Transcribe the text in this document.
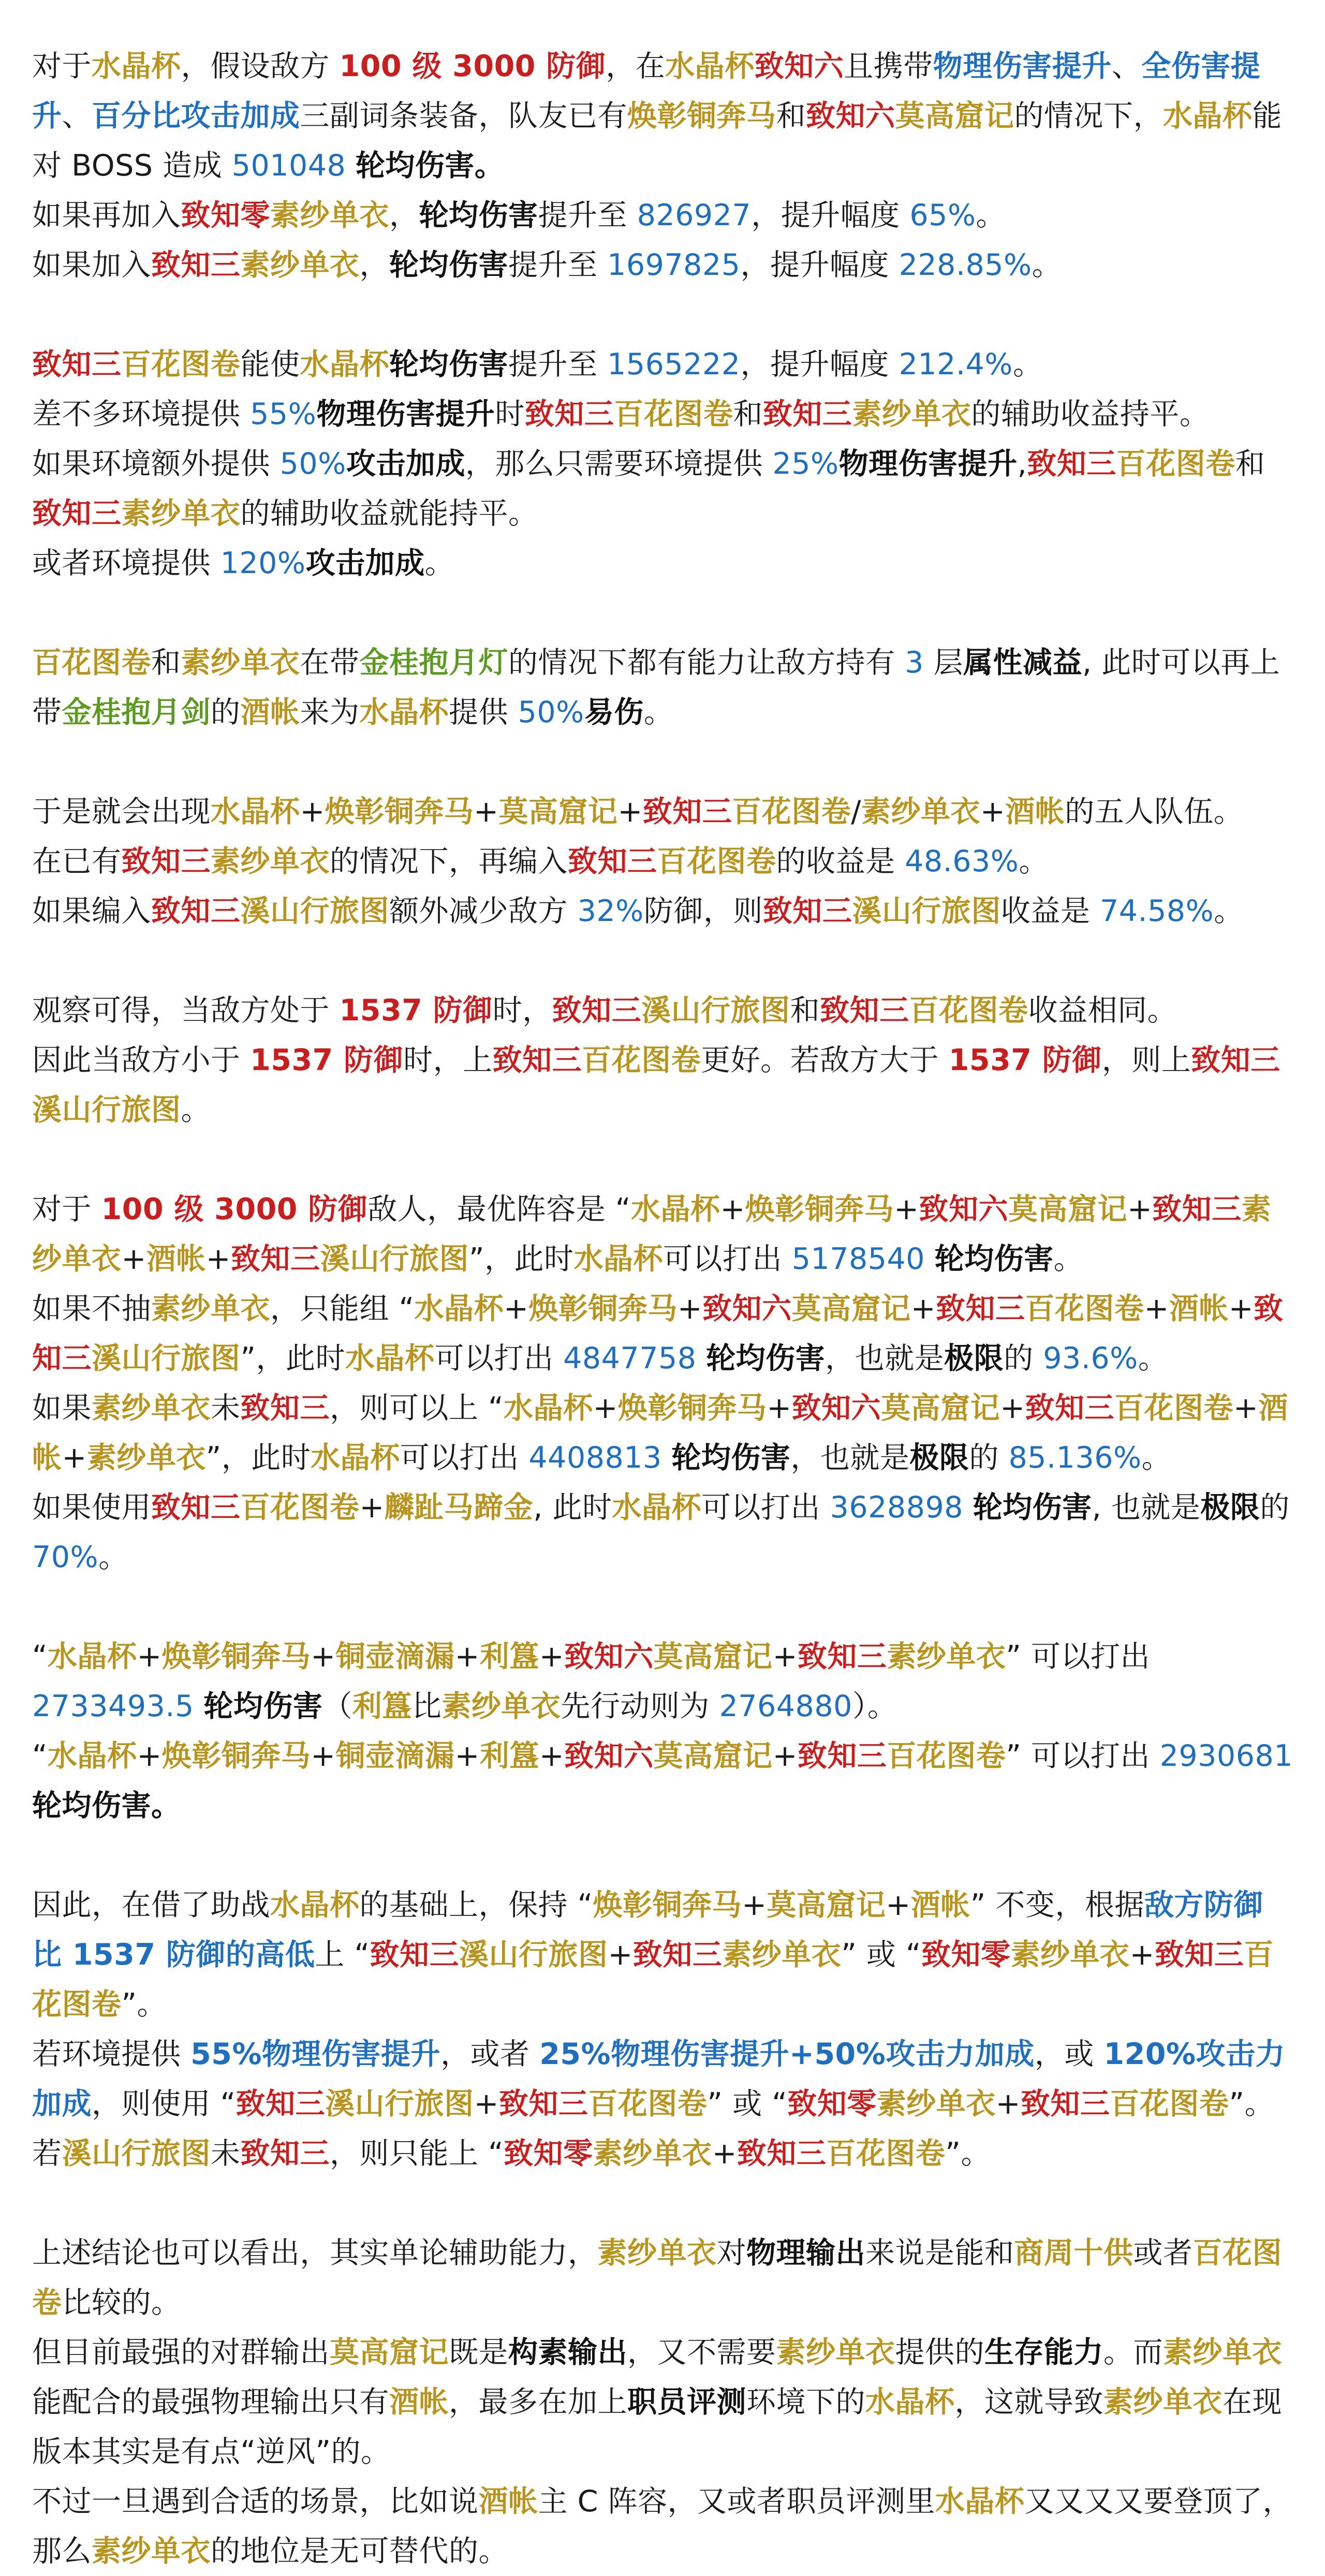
对于水晶杯，假设敌方 100 级 3000 防御，在水晶杯致知六且携带物理伤害提升、全伤害提升、百分比攻击加成三副词条装备，队友已有焕彰铜奔马和致知六莫高窟记的情况下，水晶杯能对 BOSS 造成 501048 轮均伤害。

如果再加入致知零素纱单衣，轮均伤害提升至 826927，提升幅度 65%。

如果加入致知三素纱单衣，轮均伤害提升至 1697825，提升幅度 228.85%。

致知三百花图卷能使水晶杯轮均伤害提升至 1565222，提升幅度 212.4%。

差不多环境提供 55%物理伤害提升时致知三百花图卷和致知三素纱单衣的辅助收益持平。

如果环境额外提供 50%攻击加成，那么只需要环境提供 25%物理伤害提升,致知三百花图卷和致知三素纱单衣的辅助收益就能持平。

或者环境提供 120%攻击加成。

百花图卷和素纱单衣在带金桂抱月灯的情况下都有能力让敌方持有 3 层属性减益, 此时可以再上带金桂抱月剑的酒帐来为水晶杯提供 50%易伤。

于是就会出现水晶杯+焕彰铜奔马+莫高窟记+致知三百花图卷/素纱单衣+酒帐的五人队伍。

在已有致知三素纱单衣的情况下，再编入致知三百花图卷的收益是 48.63%。

如果编入致知三溪山行旅图额外减少敌方 32%防御，则致知三溪山行旅图收益是 74.58%。

观察可得，当敌方处于 1537 防御时，致知三溪山行旅图和致知三百花图卷收益相同。

因此当敌方小于 1537 防御时，上致知三百花图卷更好。若敌方大于 1537 防御，则上致知三溪山行旅图。

对于 100 级 3000 防御敌人，最优阵容是 “水晶杯+焕彰铜奔马+致知六莫高窟记+致知三素纱单衣+酒帐+致知三溪山行旅图”，此时水晶杯可以打出 5178540 轮均伤害。

如果不抽素纱单衣，只能组 “水晶杯+焕彰铜奔马+致知六莫高窟记+致知三百花图卷+酒帐+致知三溪山行旅图”，此时水晶杯可以打出 4847758 轮均伤害，也就是极限的 93.6%。

如果素纱单衣未致知三，则可以上 “水晶杯+焕彰铜奔马+致知六莫高窟记+致知三百花图卷+酒帐+素纱单衣”，此时水晶杯可以打出 4408813 轮均伤害，也就是极限的 85.136%。

如果使用致知三百花图卷+麟趾马蹄金, 此时水晶杯可以打出 3628898 轮均伤害, 也就是极限的 70%。

“水晶杯+焕彰铜奔马+铜壶滴漏+利簋+致知六莫高窟记+致知三素纱单衣” 可以打出 2733493.5 轮均伤害（利簋比素纱单衣先行动则为 2764880）。

“水晶杯+焕彰铜奔马+铜壶滴漏+利簋+致知六莫高窟记+致知三百花图卷” 可以打出 2930681 轮均伤害。

因此，在借了助战水晶杯的基础上，保持 “焕彰铜奔马+莫高窟记+酒帐” 不变，根据敌方防御比 1537 防御的高低上 “致知三溪山行旅图+致知三素纱单衣” 或 “致知零素纱单衣+致知三百花图卷”。

若环境提供 55%物理伤害提升，或者 25%物理伤害提升+50%攻击力加成，或 120%攻击力加成，则使用 “致知三溪山行旅图+致知三百花图卷” 或 “致知零素纱单衣+致知三百花图卷”。

若溪山行旅图未致知三，则只能上 “致知零素纱单衣+致知三百花图卷”。

上述结论也可以看出，其实单论辅助能力，素纱单衣对物理输出来说是能和商周十供或者百花图卷比较的。

但目前最强的对群输出莫高窟记既是构素输出，又不需要素纱单衣提供的生存能力。而素纱单衣能配合的最强物理输出只有酒帐，最多在加上职员评测环境下的水晶杯，这就导致素纱单衣在现版本其实是有点“逆风”的。

不过一旦遇到合适的场景，比如说酒帐主 C 阵容，又或者职员评测里水晶杯又又又又要登顶了，那么素纱单衣的地位是无可替代的。
